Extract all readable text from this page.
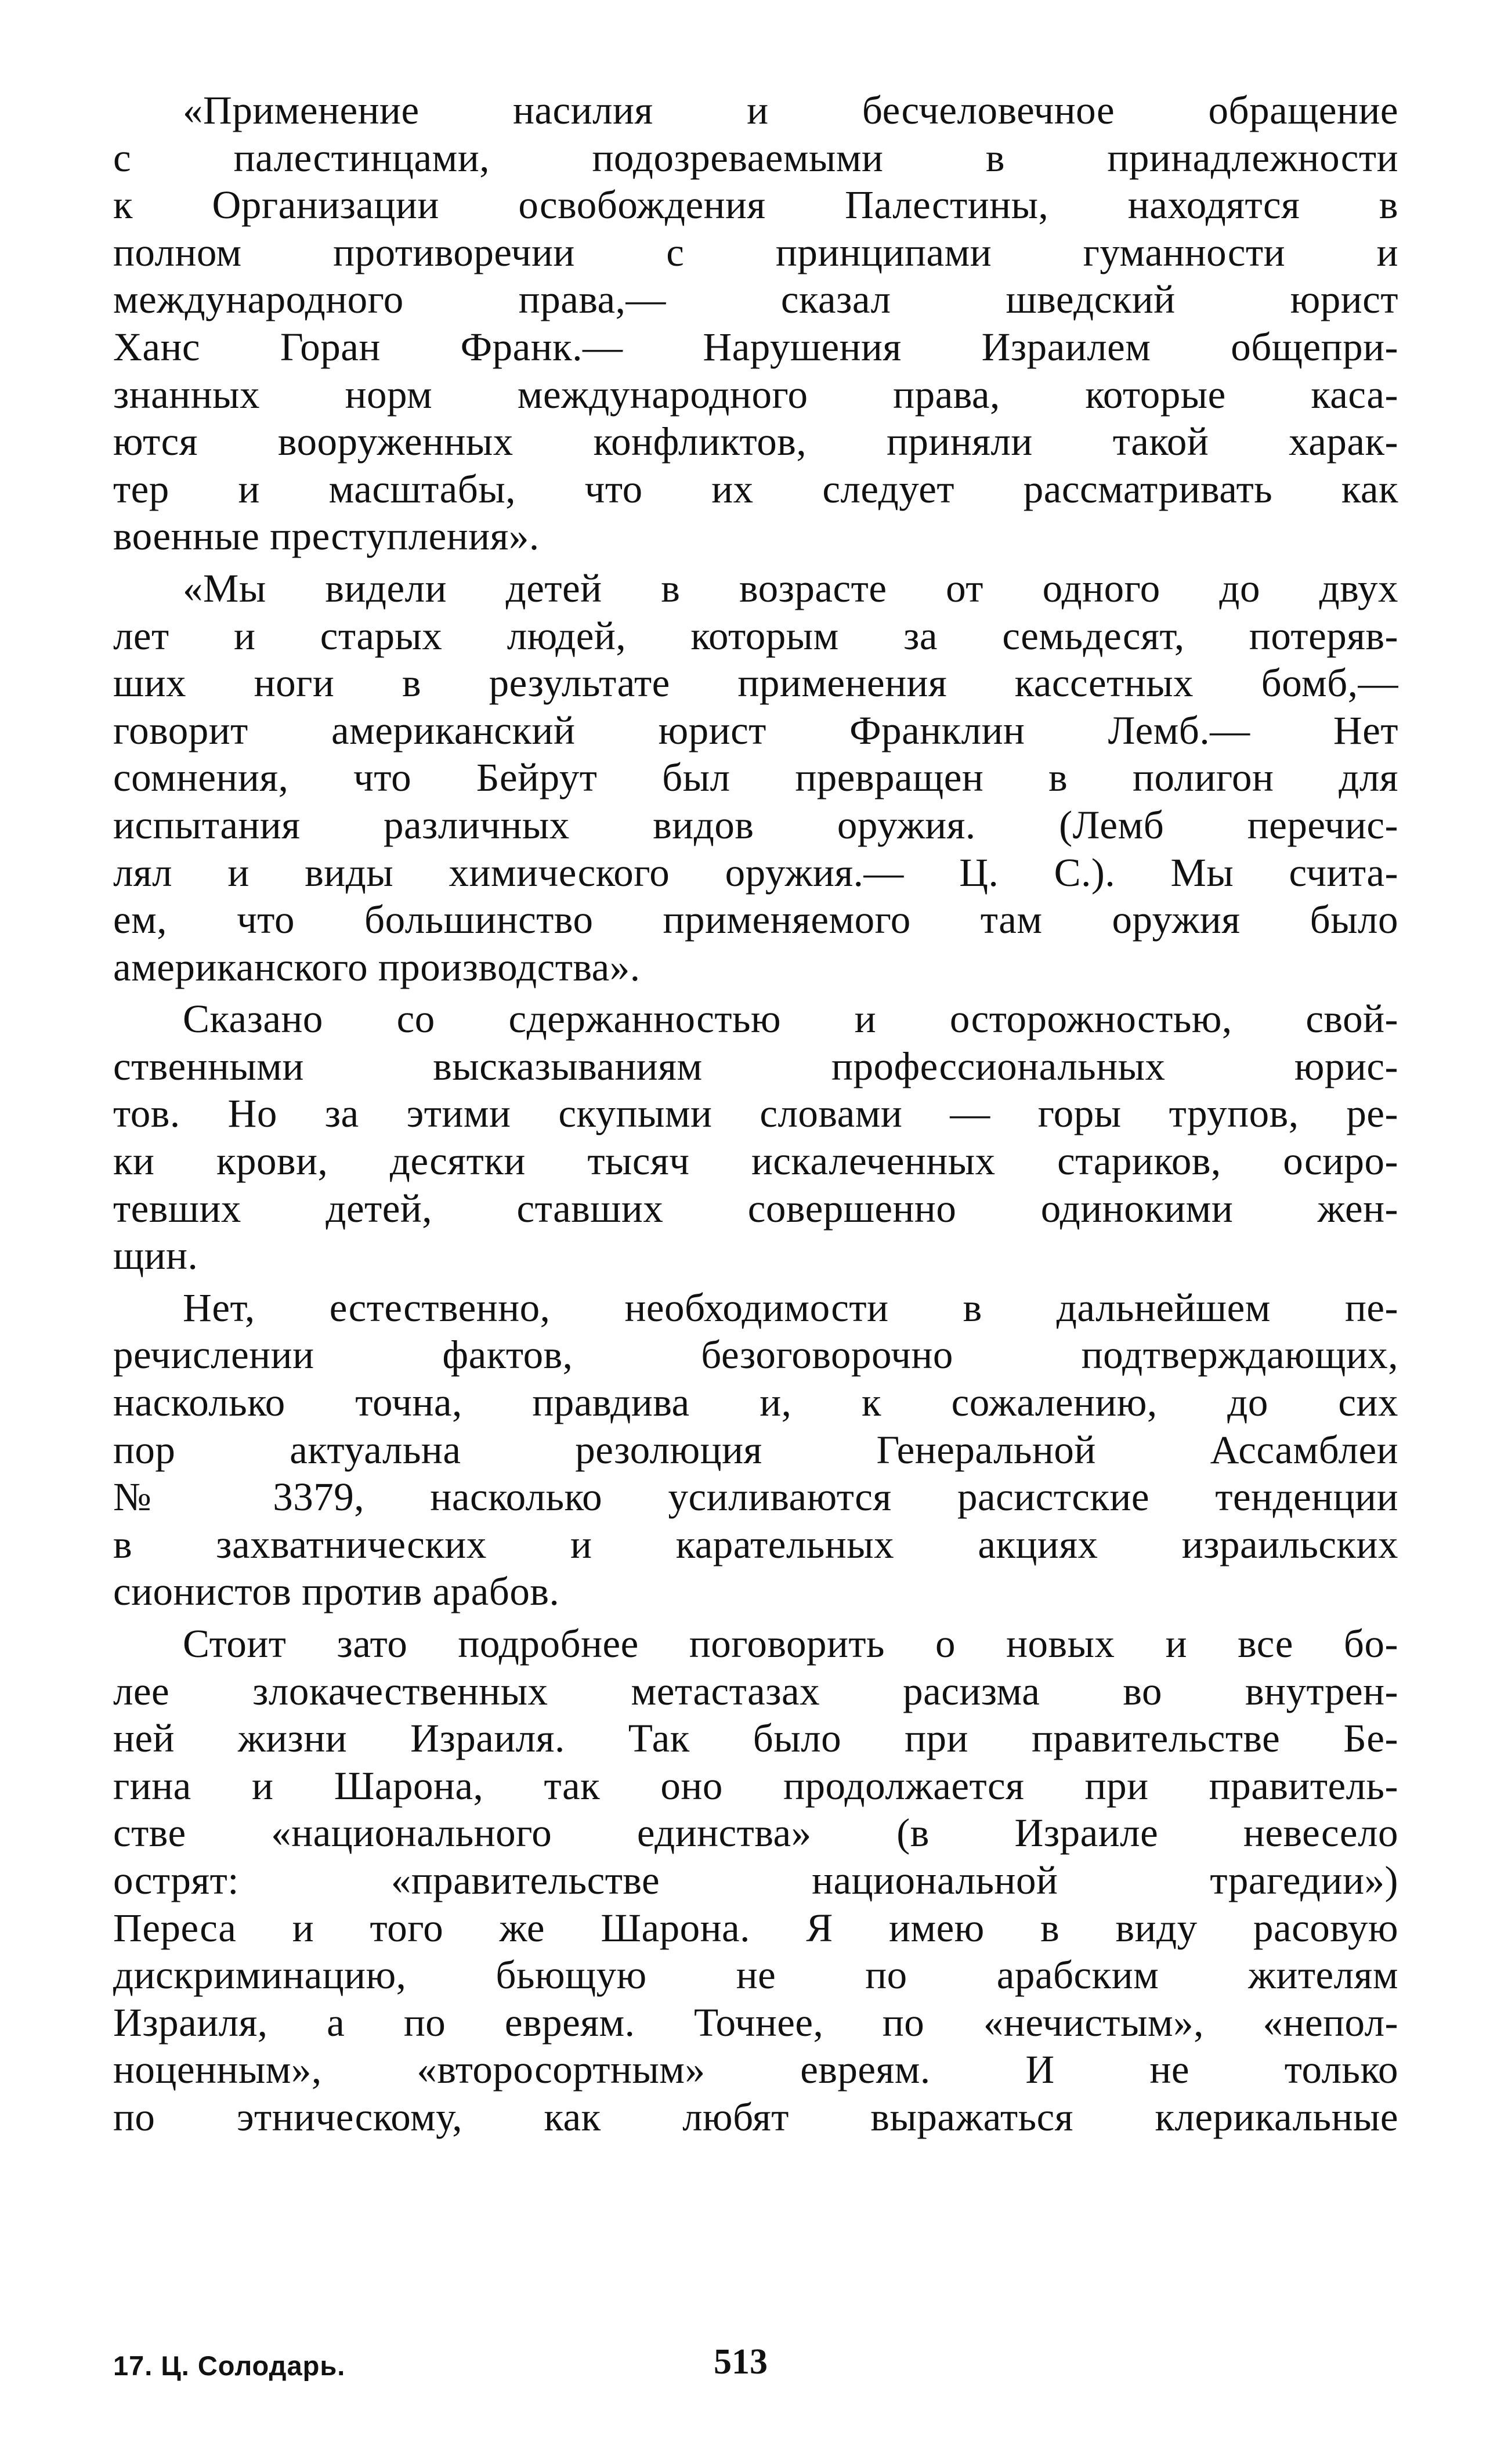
«Применение насилия и бесчеловечное обращение
с палестинцами, подозреваемыми в принадлежности
к Организации освобождения Палестины, находятся в
полном противоречии с принципами гуманности и
международного права,— сказал шведский юрист
Ханс Горан Франк.— Нарушения Израилем общепри-
знанных норм международного права, которые каса-
ются вооруженных конфликтов, приняли такой харак-
тер и масштабы, что их следует рассматривать как
военные преступления».

«Мы видели детей в возрасте от одного до двух
лет и старых людей, которым за семьдесят, потеряв-
ших ноги в результате применения кассетных бомб,—
говорит американский юрист Франклин Лемб.— Нет
сомнения, что Бейрут был превращен в полигон для
испытания различных видов оружия. (Лемб перечис-
лял и виды химического оружия.— Ц. С.). Мы счита-
ем, что большинство применяемого там оружия было
американского производства».

Сказано со сдержанностью и осторожностью, свой-
ственными высказываниям профессиональных юрис-
тов. Но за этими скупыми словами — горы трупов, ре-
ки крови, десятки тысяч искалеченных стариков, осиро-
тевших детей, ставших совершенно одинокими жен-
щин.

Нет, естественно, необходимости в дальнейшем пе-
речислении фактов, безоговорочно подтверждающих,
насколько точна, правдива и, к сожалению, до сих
пор актуальна резолюция Генеральной Ассамблеи
№ 3379, насколько усиливаются расистские тенденции
в захватнических и карательных акциях израильских
сионистов против арабов.

Стоит зато подробнее поговорить о новых и все бо-
лее злокачественных метастазах расизма во внутрен-
ней жизни Израиля. Так было при правительстве Бе-
гина и Шарона, так оно продолжается при правитель-
стве «национального единства» (в Израиле невесело
острят: «правительстве национальной трагедии»)
Переса и того же Шарона. Я имею в виду расовую
дискриминацию, бьющую не по арабским жителям
Израиля, а по евреям. Точнее, по «нечистым», «непол-
ноценным», «второсортным» евреям. И не только
по этническому, как любят выражаться клерикальные

17. Ц. Солодарь.	513
